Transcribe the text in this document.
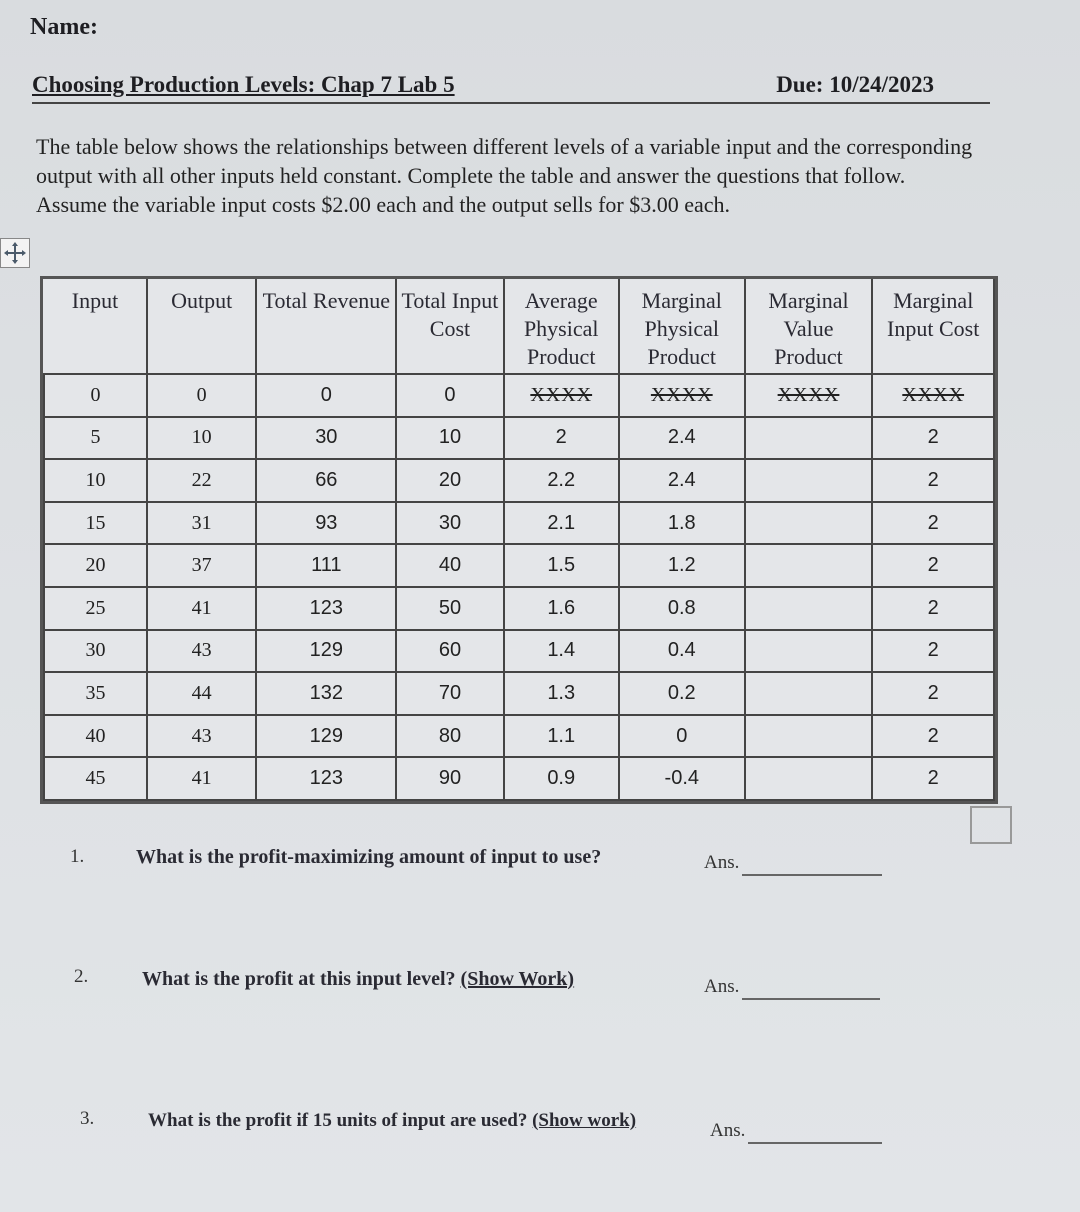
Name:
Choosing Production Levels: Chap 7 Lab 5	Due: 10/24/2023
The table below shows the relationships between different levels of a variable input and the corresponding output with all other inputs held constant. Complete the table and answer the questions that follow. Assume the variable input costs $2.00 each and the output sells for $3.00 each.
Input	Output	Total Revenue	Total Input Cost	Average Physical Product	Marginal Physical Product	Marginal Value Product	Marginal Input Cost
0	0	0	0	XXXX	XXXX	XXXX	XXXX
5	10	30	10	2	2.4		2
10	22	66	20	2.2	2.4		2
15	31	93	30	2.1	1.8		2
20	37	111	40	1.5	1.2		2
25	41	123	50	1.6	0.8		2
30	43	129	60	1.4	0.4		2
35	44	132	70	1.3	0.2		2
40	43	129	80	1.1	0		2
45	41	123	90	0.9	-0.4		2
1.	What is the profit-maximizing amount of input to use?	Ans.
2.	What is the profit at this input level? (Show Work)	Ans.
3.	What is the profit if 15 units of input are used? (Show work)	Ans.
